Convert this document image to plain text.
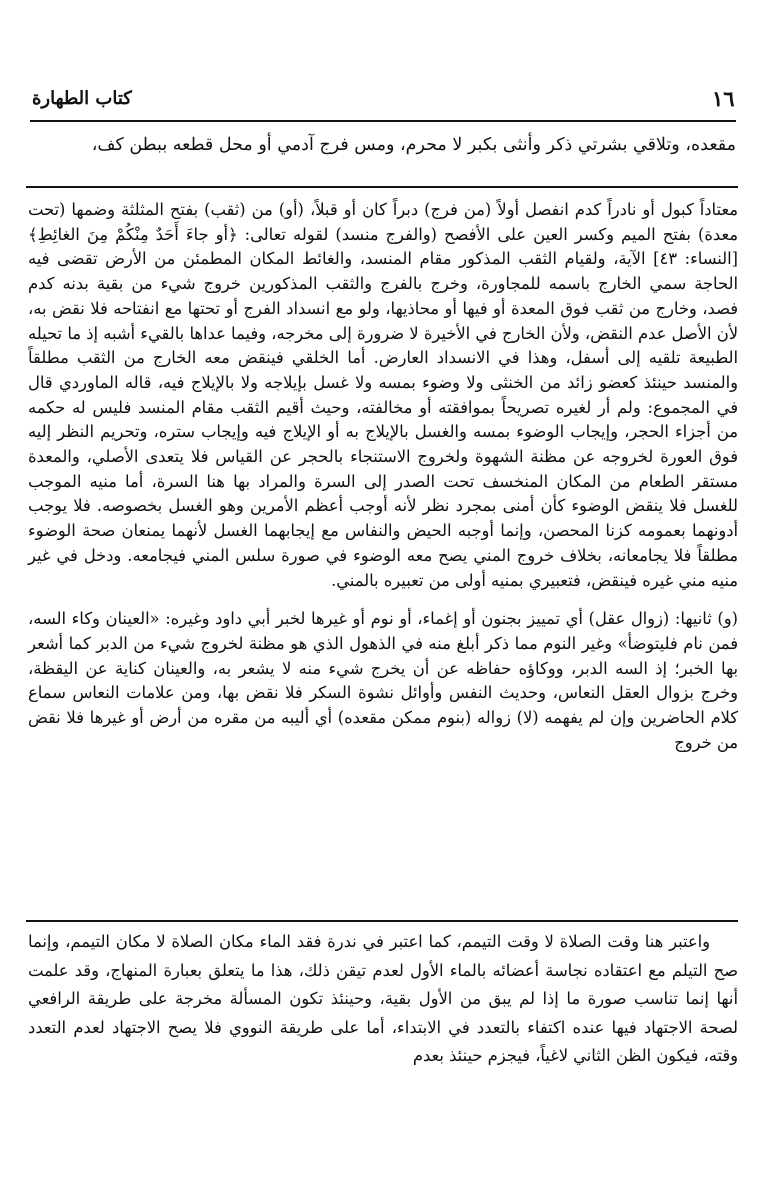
١٦
كتاب الطهارة
مقعده، وتلاقي بشرتي ذكر وأنثى بكبر لا محرم، ومس فرج آدمي أو محل قطعه ببطن كف،

معتاداً كبول أو نادراً كدم انفصل أولاً (من فرج) دبراً كان أو قبلاً، (أو) من (ثقب) بفتح المثلثة وضمها (تحت معدة) بفتح الميم وكسر العين على الأفصح (والفرج منسد) لقوله تعالى: ﴿أو جاءَ أَحَدٌ مِنْكُمْ مِنَ الغائِطِ﴾ [النساء: ٤٣] الآية، ولقيام الثقب المذكور مقام المنسد، والغائط المكان المطمئن من الأرض تقضى فيه الحاجة سمي الخارج باسمه للمجاورة، وخرج بالفرج والثقب المذكورين خروج شيء من بقية بدنه كدم فصد، وخارج من ثقب فوق المعدة أو فيها أو محاذيها، ولو مع انسداد الفرج أو تحتها مع انفتاحه فلا نقض به، لأن الأصل عدم النقض، ولأن الخارج في الأخيرة لا ضرورة إلى مخرجه، وفيما عداها بالقيء أشبه إذ ما تحيله الطبيعة تلقيه إلى أسفل، وهذا في الانسداد العارض. أما الخلقي فينقض معه الخارج من الثقب مطلقاً والمنسد حينئذ كعضو زائد من الخنثى ولا وضوء بمسه ولا غسل بإيلاجه ولا بالإيلاج فيه، قاله الماوردي قال في المجموع: ولم أر لغيره تصريحاً بموافقته أو مخالفته، وحيث أقيم الثقب مقام المنسد فليس له حكمه من أجزاء الحجر، وإيجاب الوضوء بمسه والغسل بالإيلاج به أو الإيلاج فيه وإيجاب ستره، وتحريم النظر إليه فوق العورة لخروجه عن مظنة الشهوة ولخروج الاستنجاء بالحجر عن القياس فلا يتعدى الأصلي، والمعدة مستقر الطعام من المكان المنخسف تحت الصدر إلى السرة والمراد بها هنا السرة، أما منيه الموجب للغسل فلا ينقض الوضوء كأن أمنى بمجرد نظر لأنه أوجب أعظم الأمرين وهو الغسل بخصوصه. فلا يوجب أدونهما بعمومه كزنا المحصن، وإنما أوجبه الحيض والنفاس مع إيجابهما الغسل لأنهما يمنعان صحة الوضوء مطلقاً فلا يجامعانه، بخلاف خروج المني يصح معه الوضوء في صورة سلس المني فيجامعه. ودخل في غير منيه مني غيره فينقض، فتعبيري بمنيه أولى من تعبيره بالمني.

(و) ثانيها: (زوال عقل) أي تمييز بجنون أو إغماء، أو نوم أو غيرها لخبر أبي داود وغيره: «العينان وكاء السه، فمن نام فليتوضأ» وغير النوم مما ذكر أبلغ منه في الذهول الذي هو مظنة لخروج شيء من الدبر كما أشعر بها الخبر؛ إذ السه الدبر، ووكاؤه حفاظه عن أن يخرج شيء منه لا يشعر به، والعينان كناية عن اليقظة، وخرج بزوال العقل النعاس، وحديث النفس وأوائل نشوة السكر فلا نقض بها، ومن علامات النعاس سماع كلام الحاضرين وإن لم يفهمه (لا) زواله (بنوم ممكن مقعده) أي أليبه من مقره من أرض أو غيرها فلا نقض من خروج

واعتبر هنا وقت الصلاة لا وقت التيمم، كما اعتبر في ندرة فقد الماء مكان الصلاة لا مكان التيمم، وإنما صح التيلم مع اعتقاده نجاسة أعضائه بالماء الأول لعدم تيقن ذلك، هذا ما يتعلق بعبارة المنهاج، وقد علمت أنها إنما تناسب صورة ما إذا لم يبق من الأول بقية، وحينئذ تكون المسألة مخرجة على طريقة الرافعي لصحة الاجتهاد فيها عنده اكتفاء بالتعدد في الابتداء، أما على طريقة النووي فلا يصح الاجتهاد لعدم التعدد وقته، فيكون الظن الثاني لاغياً، فيجزم حينئذ بعدم
